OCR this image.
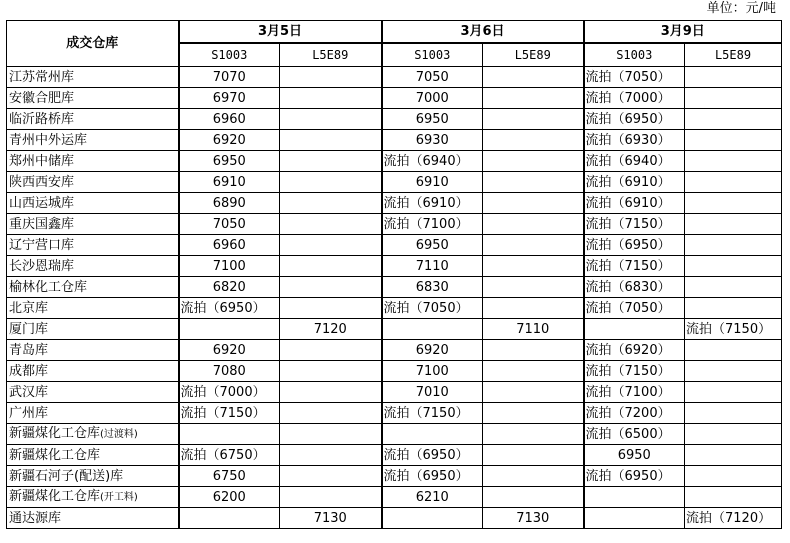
单位：元/吨
成交仓库	3月5日		3月6日		3月9日	
	S1003	L5E89	S1003	L5E89	S1003	L5E89
江苏常州库	7070		7050		流拍（7050）	
安徽合肥库	6970		7000		流拍（7000）	
临沂路桥库	6960		6950		流拍（6950）	
青州中外运库	6920		6930		流拍（6930）	
郑州中储库	6950		流拍（6940）		流拍（6940）	
陕西西安库	6910		6910		流拍（6910）	
山西运城库	6890		流拍（6910）		流拍（6910）	
重庆国鑫库	7050		流拍（7100）		流拍（7150）	
辽宁营口库	6960		6950		流拍（6950）	
长沙恩瑞库	7100		7110		流拍（7150）	
榆林化工仓库	6820		6830		流拍（6830）	
北京库	流拍（6950）		流拍（7050）		流拍（7050）	
厦门库		7120		7110		流拍（7150）
青岛库	6920		6920		流拍（6920）	
成都库	7080		7100		流拍（7150）	
武汉库	流拍（7000）		7010		流拍（7100）	
广州库	流拍（7150）		流拍（7150）		流拍（7200）	
新疆煤化工仓库(过渡料)					流拍（6500）	
新疆煤化工仓库	流拍（6750）		流拍（6950）		6950	
新疆石河子(配送)库	6750		流拍（6950）		流拍（6950）	
新疆煤化工仓库(开工料)	6200		6210			
通达源库		7130		7130		流拍（7120）
